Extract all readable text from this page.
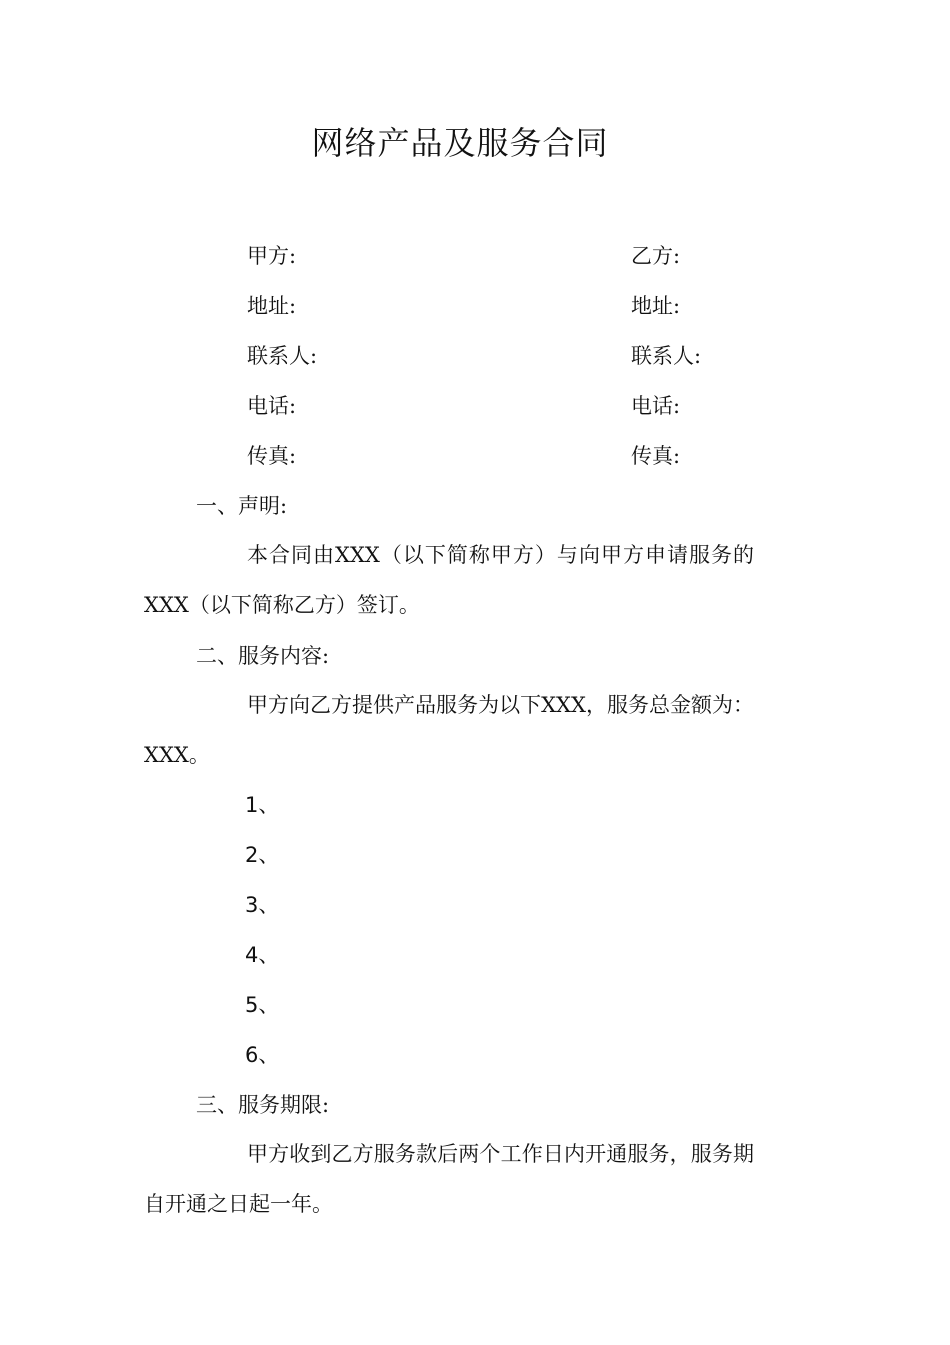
网络产品及服务合同
甲方:	乙方:
地址:	地址:
联系人:	联系人:
电话:	电话:
传真:	传真:
一、声明:
本合同由XXX（以下简称甲方）与向甲方申请服务的XXX（以下简称乙方）签订。
二、服务内容:
甲方向乙方提供产品服务为以下XXX，服务总金额为：XXX。
1、
2、
3、
4、
5、
6、
三、服务期限:
甲方收到乙方服务款后两个工作日内开通服务，服务期自开通之日起一年。
